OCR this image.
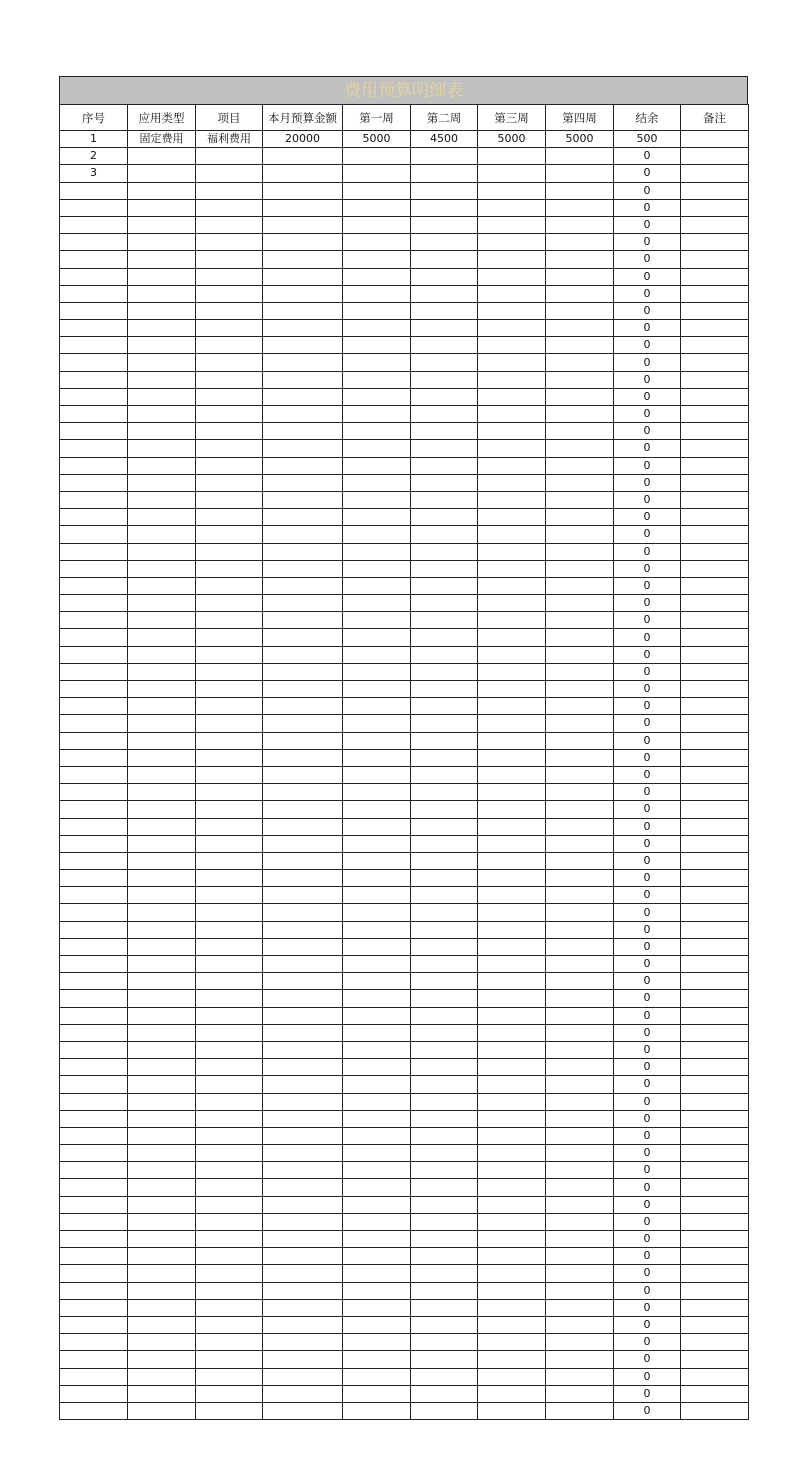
费用预算明细表
序号	应用类型	项目	本月预算金额	第一周	第二周	第三周	第四周	结余	备注
1	固定费用	福利费用	20000	5000	4500	5000	5000	500	
2								0	
3								0	
								0	
								0	
								0	
								0	
								0	
								0	
								0	
								0	
								0	
								0	
								0	
								0	
								0	
								0	
								0	
								0	
								0	
								0	
								0	
								0	
								0	
								0	
								0	
								0	
								0	
								0	
								0	
								0	
								0	
								0	
								0	
								0	
								0	
								0	
								0	
								0	
								0	
								0	
								0	
								0	
								0	
								0	
								0	
								0	
								0	
								0	
								0	
								0	
								0	
								0	
								0	
								0	
								0	
								0	
								0	
								0	
								0	
								0	
								0	
								0	
								0	
								0	
								0	
								0	
								0	
								0	
								0	
								0	
								0	
								0	
								0	
								0	
